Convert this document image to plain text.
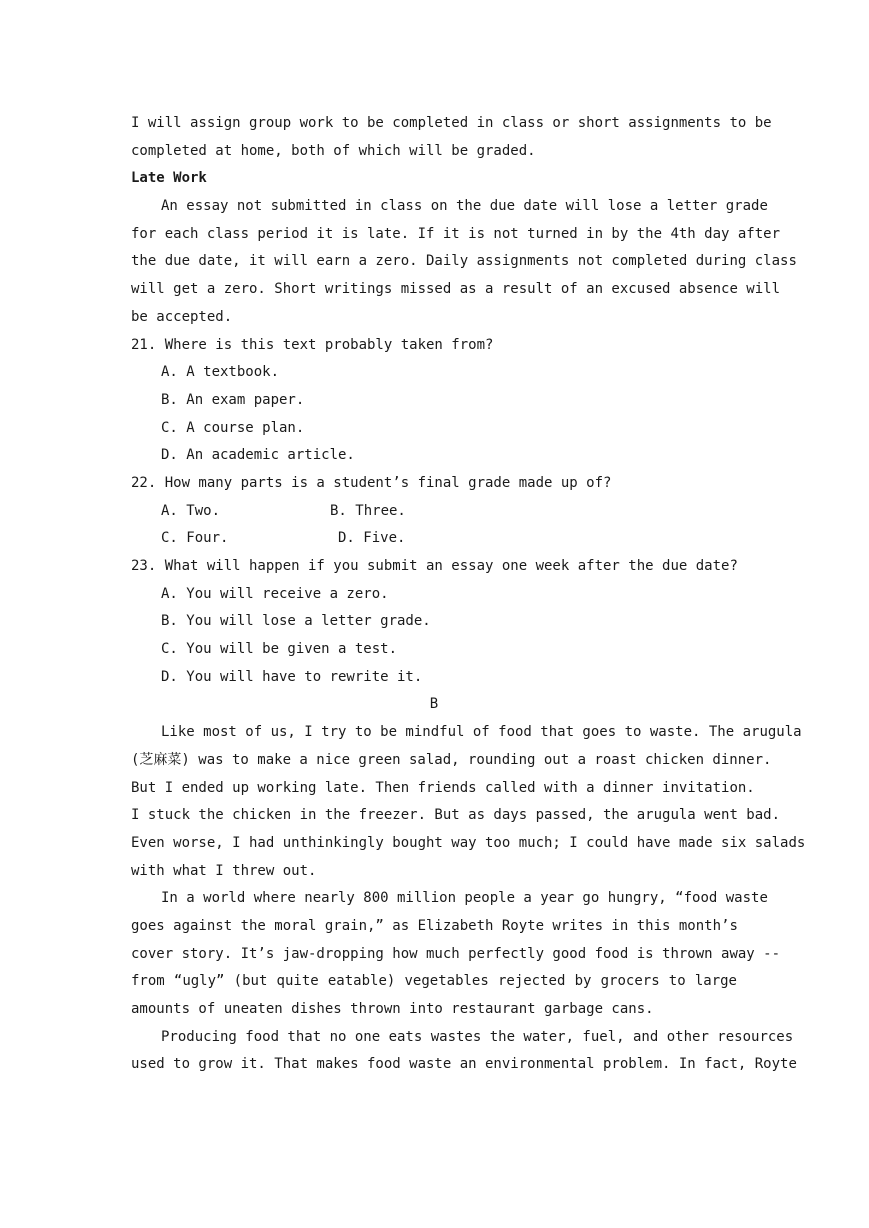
I will assign group work to be completed in class or short assignments to be
completed at home, both of which will be graded.
Late Work
An essay not submitted in class on the due date will lose a letter grade
for each class period it is late. If it is not turned in by the 4th day after
the due date, it will earn a zero. Daily assignments not completed during class
will get a zero. Short writings missed as a result of an excused absence will
be accepted.
21. Where is this text probably taken from?
A. A textbook.
B. An exam paper.
C. A course plan.
D. An academic article.
22. How many parts is a student’s final grade made up of?
A. Two.	B. Three.
C. Four.	D. Five.
23. What will happen if you submit an essay one week after the due date?
A. You will receive a zero.
B. You will lose a letter grade.
C. You will be given a test.
D. You will have to rewrite it.
B
Like most of us, I try to be mindful of food that goes to waste. The arugula
(芝麻菜) was to make a nice green salad, rounding out a roast chicken dinner.
But I ended up working late. Then friends called with a dinner invitation.
I stuck the chicken in the freezer. But as days passed, the arugula went bad.
Even worse, I had unthinkingly bought way too much; I could have made six salads
with what I threw out.
In a world where nearly 800 million people a year go hungry, “food waste
goes against the moral grain,” as Elizabeth Royte writes in this month’s
cover story. It’s jaw-dropping how much perfectly good food is thrown away --
from “ugly” (but quite eatable) vegetables rejected by grocers to large
amounts of uneaten dishes thrown into restaurant garbage cans.
Producing food that no one eats wastes the water, fuel, and other resources
used to grow it. That makes food waste an environmental problem. In fact, Royte
